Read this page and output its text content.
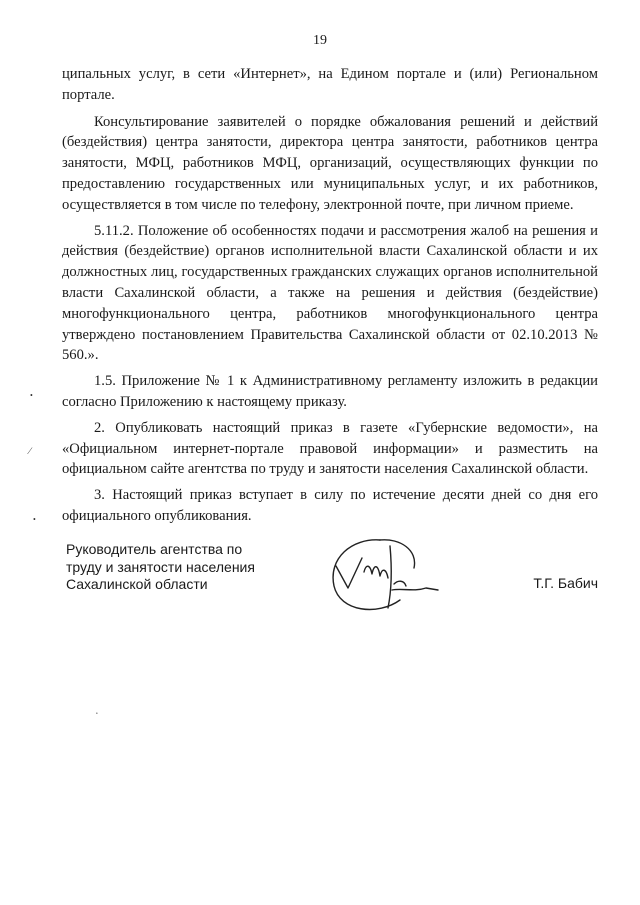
19

ципальных услуг, в сети «Интернет», на Едином портале и (или) Региональном портале.

Консультирование заявителей о порядке обжалования решений и действий (бездействия) центра занятости, директора центра занятости, работников центра занятости, МФЦ, работников МФЦ, организаций, осуществляющих функции по предоставлению государственных или муниципальных услуг, и их работников, осуществляется в том числе по телефону, электронной почте, при личном приеме.

5.11.2. Положение об особенностях подачи и рассмотрения жалоб на решения и действия (бездействие) органов исполнительной власти Сахалинской области и их должностных лиц, государственных гражданских служащих органов исполнительной власти Сахалинской области, а также на решения и действия (бездействие) многофункционального центра, работников многофункционального центра утверждено постановлением Правительства Сахалинской области от 02.10.2013 № 560.».

1.5. Приложение № 1 к Административному регламенту изложить в редакции согласно Приложению к настоящему приказу.

2. Опубликовать настоящий приказ в газете «Губернские ведомости», на «Официальном интернет-портале правовой информации» и разместить на официальном сайте агентства по труду и занятости населения Сахалинской области.

3. Настоящий приказ вступает в силу по истечение десяти дней со дня его официального опубликования.

Руководитель агентства по
труду и занятости населения
Сахалинской области	Т.Г. Бабич
•
∕
•
•
